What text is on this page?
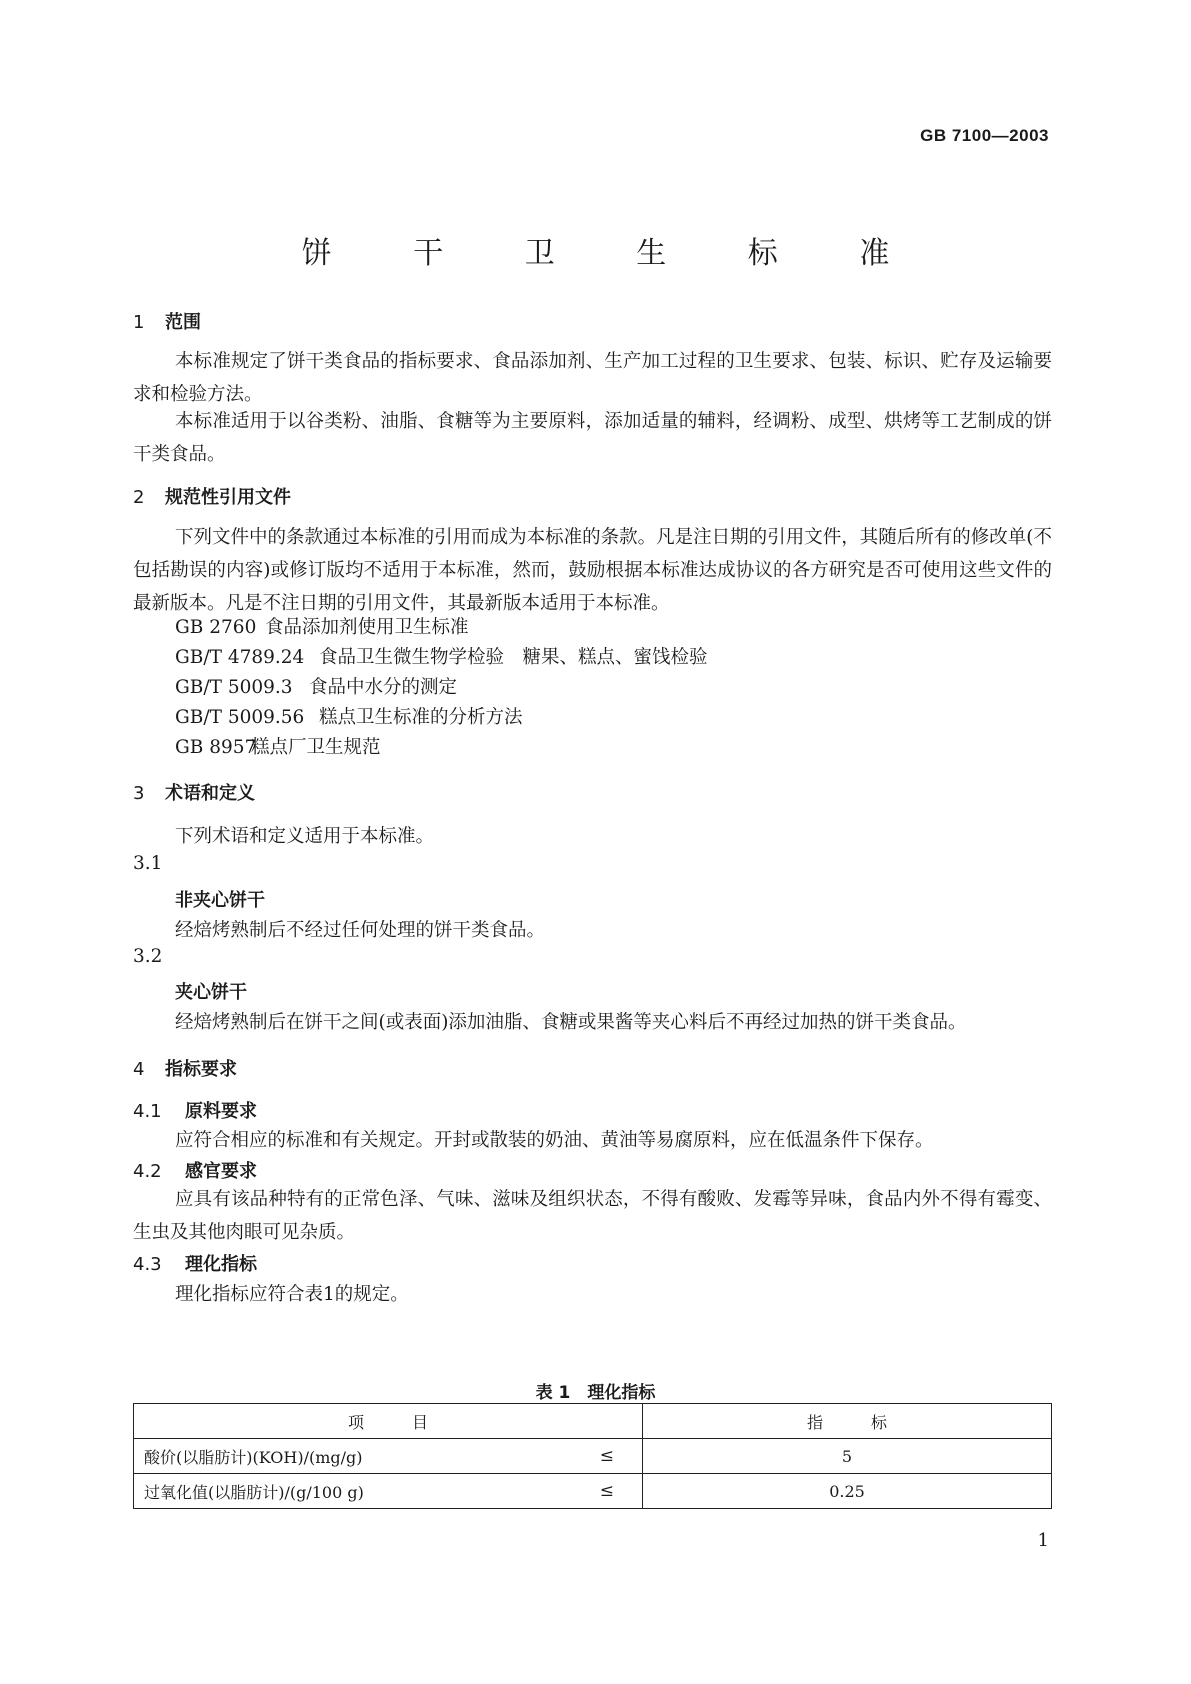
GB 7100—2003
饼 干 卫 生 标 准
1 范围
本标准规定了饼干类食品的指标要求、食品添加剂、生产加工过程的卫生要求、包装、标识、贮存及运输要求和检验方法。
本标准适用于以谷类粉、油脂、食糖等为主要原料，添加适量的辅料，经调粉、成型、烘烤等工艺制成的饼干类食品。
2 规范性引用文件
下列文件中的条款通过本标准的引用而成为本标准的条款。凡是注日期的引用文件，其随后所有的修改单(不包括勘误的内容)或修订版均不适用于本标准，然而，鼓励根据本标准达成协议的各方研究是否可使用这些文件的最新版本。凡是不注日期的引用文件，其最新版本适用于本标准。
GB 2760 食品添加剂使用卫生标准
GB/T 4789.24 食品卫生微生物学检验　糖果、糕点、蜜饯检验
GB/T 5009.3 食品中水分的测定
GB/T 5009.56 糕点卫生标准的分析方法
GB 8957糕点厂卫生规范
3 术语和定义
下列术语和定义适用于本标准。
3.1
非夹心饼干
经焙烤熟制后不经过任何处理的饼干类食品。
3.2
夹心饼干
经焙烤熟制后在饼干之间(或表面)添加油脂、食糖或果酱等夹心料后不再经过加热的饼干类食品。
4 指标要求
4.1 原料要求
应符合相应的标准和有关规定。开封或散装的奶油、黄油等易腐原料，应在低温条件下保存。
4.2 感官要求
应具有该品种特有的正常色泽、气味、滋味及组织状态，不得有酸败、发霉等异味，食品内外不得有霉变、生虫及其他肉眼可见杂质。
4.3 理化指标
理化指标应符合表1的规定。
表 1　理化指标
项　　　目	指　　　标
酸价(以脂肪计)(KOH)/(mg/g) ≤	5
过氧化值(以脂肪计)/(g/100 g) ≤	0.25
1
